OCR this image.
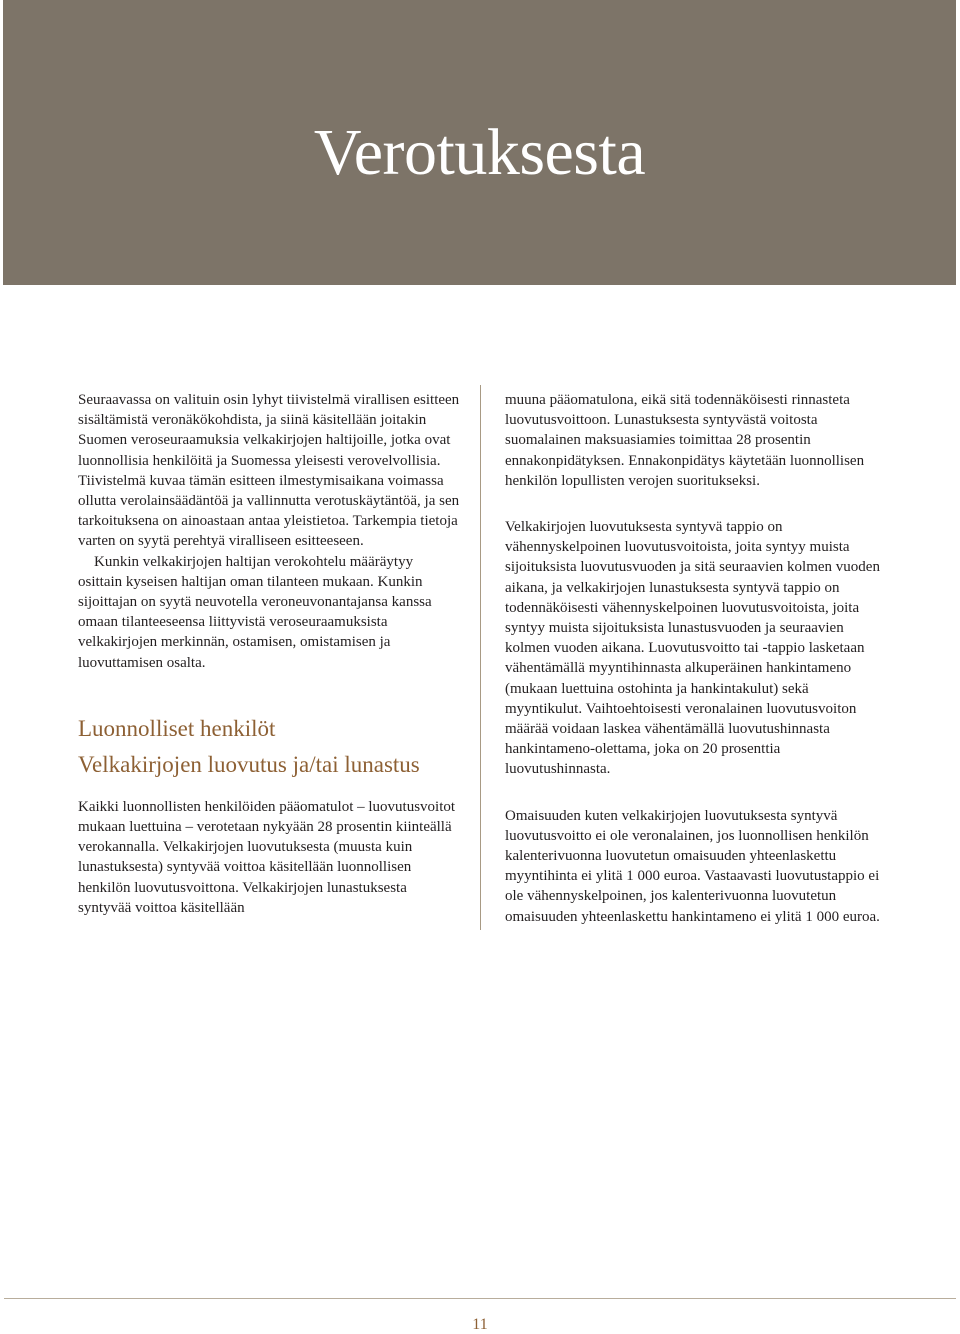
Verotuksesta

Seuraavassa on valituin osin lyhyt tiivistelmä virallisen esitteen sisältämistä veronäkökohdista, ja siinä käsitellään joitakin Suomen veroseuraamuksia velkakirjojen haltijoille, jotka ovat luonnollisia henkilöitä ja Suomessa yleisesti verovelvollisia. Tiivistelmä kuvaa tämän esitteen ilmestymisaikana voimassa ollutta verolainsäädäntöä ja vallinnutta verotuskäytäntöä, ja sen tarkoituksena on ainoastaan antaa yleistietoa. Tarkempia tietoja varten on syytä perehtyä viralliseen esitteeseen.

Kunkin velkakirjojen haltijan verokohtelu määräytyy osittain kyseisen haltijan oman tilanteen mukaan. Kunkin sijoittajan on syytä neuvotella veroneuvonantajansa kanssa omaan tilanteeseensa liittyvistä veroseuraamuksista velkakirjojen merkinnän, ostamisen, omistamisen ja luovuttamisen osalta.

Luonnolliset henkilöt
Velkakirjojen luovutus ja/tai lunastus

Kaikki luonnollisten henkilöiden pääomatulot – luovutusvoitot mukaan luettuina – verotetaan nykyään 28 prosentin kiinteällä verokannalla. Velkakirjojen luovutuksesta (muusta kuin lunastuksesta) syntyvää voittoa käsitellään luonnollisen henkilön luovutusvoittona. Velkakirjojen lunastuksesta syntyvää voittoa käsitellään

muuna pääomatulona, eikä sitä todennäköisesti rinnasteta luovutusvoittoon. Lunastuksesta syntyvästä voitosta suomalainen maksuasiamies toimittaa 28 prosentin ennakonpidätyksen. Ennakonpidätys käytetään luonnollisen henkilön lopullisten verojen suoritukseksi.

Velkakirjojen luovutuksesta syntyvä tappio on vähennyskelpoinen luovutusvoitoista, joita syntyy muista sijoituksista luovutusvuoden ja sitä seuraavien kolmen vuoden aikana, ja velkakirjojen lunastuksesta syntyvä tappio on todennäköisesti vähennyskelpoinen luovutusvoitoista, joita syntyy muista sijoituksista lunastusvuoden ja seuraavien kolmen vuoden aikana. Luovutusvoitto tai -tappio lasketaan vähentämällä myyntihinnasta alkuperäinen hankintameno (mukaan luettuina ostohinta ja hankintakulut) sekä myyntikulut. Vaihtoehtoisesti veronalainen luovutusvoiton määrää voidaan laskea vähentämällä luovutushinnasta hankintameno-olettama, joka on 20 prosenttia luovutushinnasta.

Omaisuuden kuten velkakirjojen luovutuksesta syntyvä luovutusvoitto ei ole veronalainen, jos luonnollisen henkilön kalenterivuonna luovutetun omaisuuden yhteenlaskettu myyntihinta ei ylitä 1 000 euroa. Vastaavasti luovutustappio ei ole vähennyskelpoinen, jos kalenterivuonna luovutetun omaisuuden yhteenlaskettu hankintameno ei ylitä 1 000 euroa.

11
